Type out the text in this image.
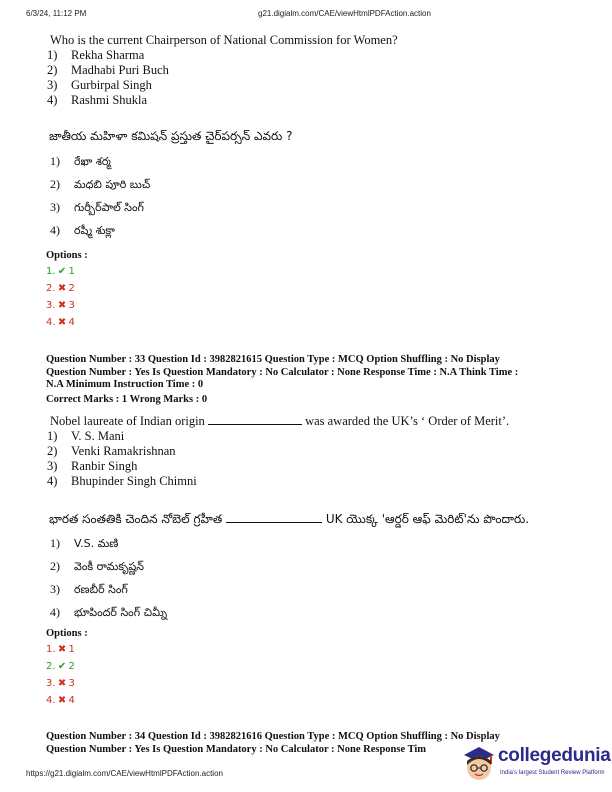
6/3/24, 11:12 PM	g21.digialm.com/CAE/viewHtmlPDFAction.action
Who is the current Chairperson of National Commission for Women?
1) Rekha Sharma
2) Madhabi Puri Buch
3) Gurbirpal Singh
4) Rashmi Shukla
జాతీయ మహిళా కమిషన్ ప్రస్తుత చైర్‌పర్సన్ ఎవరు ?
1) రేఖా శర్మ
2) మధబి పూరి బుచ్
3) గుర్బీర్‌పాల్ సింగ్
4) రష్మీ శుక్లా
Options :
1. ✔ 1
2. ✖ 2
3. ✖ 3
4. ✖ 4
Question Number : 33 Question Id : 3982821615 Question Type : MCQ Option Shuffling : No Display
Question Number : Yes Is Question Mandatory : No Calculator : None Response Time : N.A Think Time :
N.A Minimum Instruction Time : 0
Correct Marks : 1 Wrong Marks : 0
Nobel laureate of Indian origin	was awarded the UK’s ‘ Order of Merit’.
1) V. S. Mani
2) Venki Ramakrishnan
3) Ranbir Singh
4) Bhupinder Singh Chimni
భారత సంతతికి చెందిన నోబెల్ గ్రహీత	UK యొక్క 'ఆర్డర్ ఆఫ్ మెరిట్'ను పొందారు.
1) V.S. మణి
2) వెంకీ రామకృష్ణన్
3) రణబీర్ సింగ్
4) భూపిందర్ సింగ్ చిమ్నీ
Options :
1. ✖ 1
2. ✔ 2
3. ✖ 3
4. ✖ 4
Question Number : 34 Question Id : 3982821616 Question Type : MCQ Option Shuffling : No Display
Question Number : Yes Is Question Mandatory : No Calculator : None Response Tim
https://g21.digialm.com/CAE/viewHtmlPDFAction.action
collegedunia
India's largest Student Review Platform
